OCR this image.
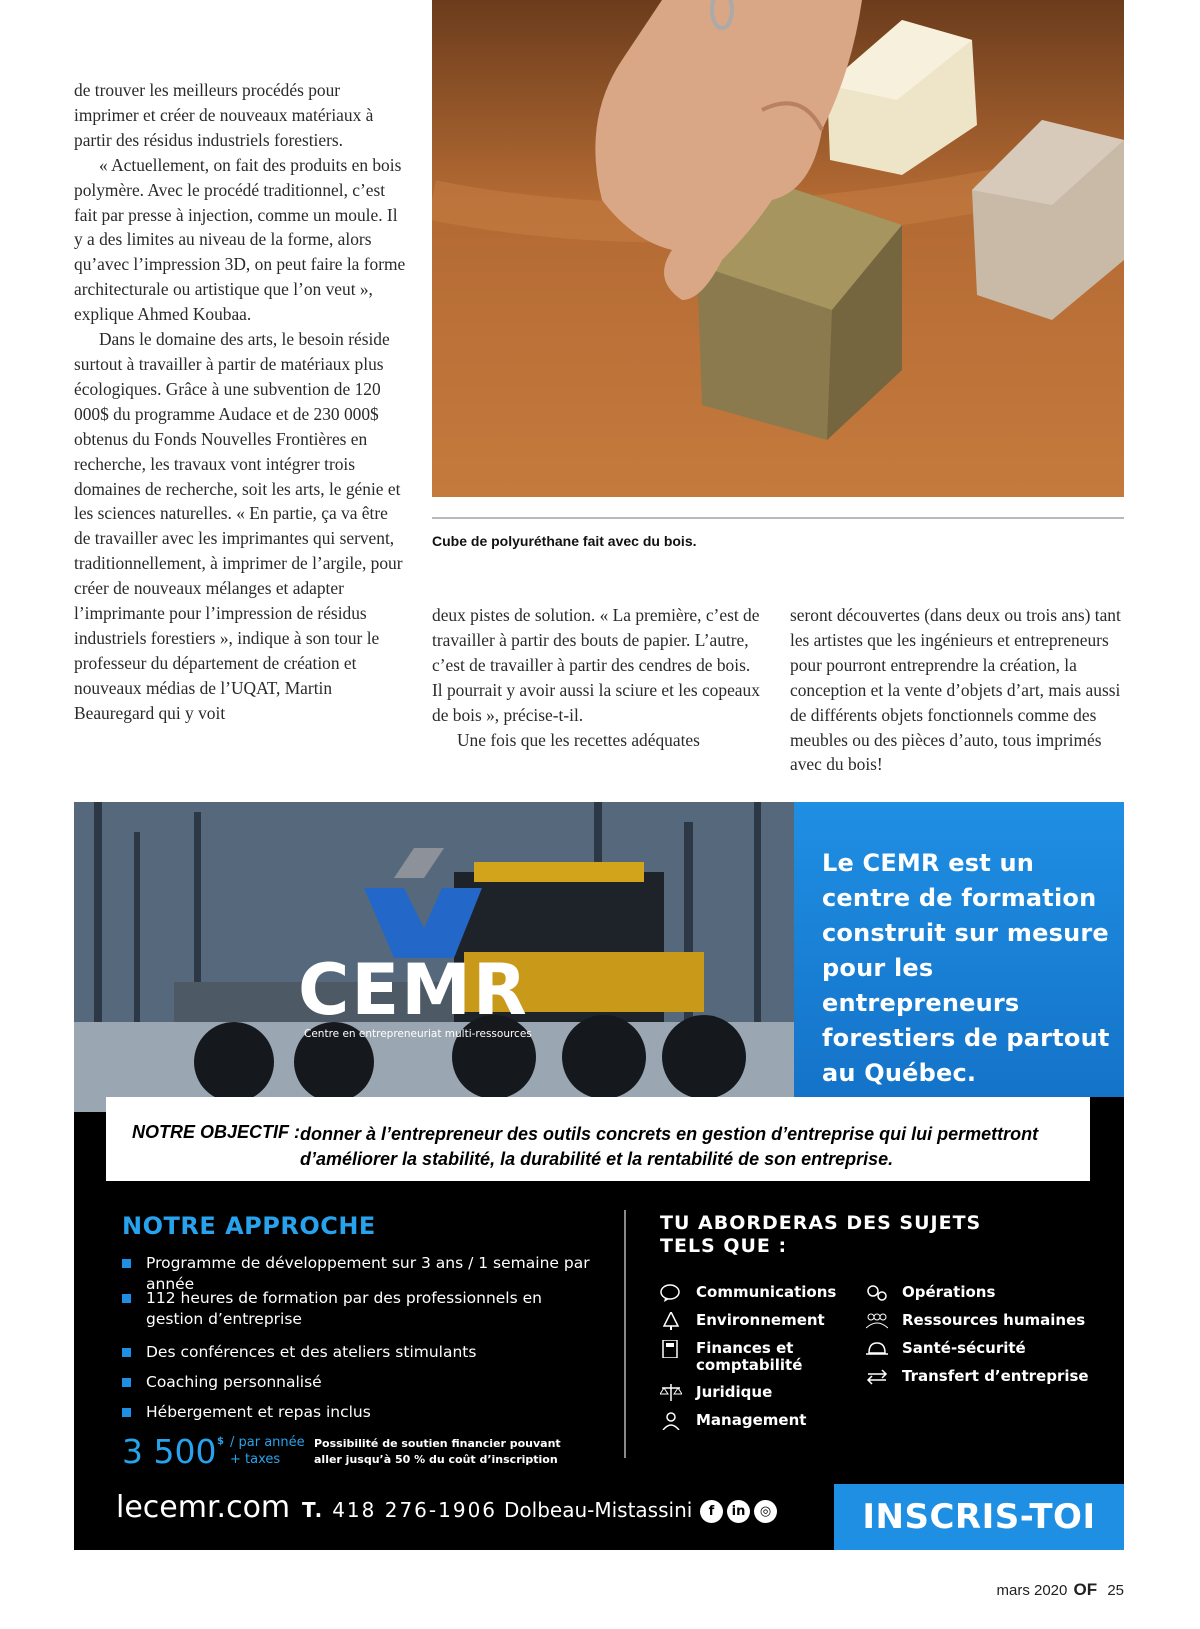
de trouver les meilleurs procédés pour imprimer et créer de nouveaux matériaux à partir des résidus industriels forestiers.

« Actuellement, on fait des produits en bois polymère. Avec le procédé traditionnel, c’est fait par presse à injection, comme un moule. Il y a des limites au niveau de la forme, alors qu’avec l’impression 3D, on peut faire la forme architecturale ou artistique que l’on veut », explique Ahmed Koubaa.

Dans le domaine des arts, le besoin réside surtout à travailler à partir de matériaux plus écologiques. Grâce à une subvention de 120 000$ du programme Audace et de 230 000$ obtenus du Fonds Nouvelles Frontières en recherche, les travaux vont intégrer trois domaines de recherche, soit les arts, le génie et les sciences naturelles. « En partie, ça va être de travailler avec les imprimantes qui servent, traditionnellement, à imprimer de l’argile, pour créer de nouveaux mélanges et adapter l’imprimante pour l’impression de résidus industriels forestiers », indique à son tour le professeur du département de création et nouveaux médias de l’UQAT, Martin Beauregard qui y voit

deux pistes de solution. « La première, c’est de travailler à partir des bouts de papier. L’autre, c’est de travailler à partir des cendres de bois. Il pourrait y avoir aussi la sciure et les copeaux de bois », précise-t-il.

Une fois que les recettes adéquates

seront découvertes (dans deux ou trois ans) tant les artistes que les ingénieurs et entrepreneurs pour pourront entreprendre la création, la conception et la vente d’objets d’art, mais aussi de différents objets fonctionnels comme des meubles ou des pièces d’auto, tous imprimés avec du bois!

Cube de polyuréthane fait avec du bois.
CEMR
Centre en entrepreneuriat multi-ressources
Le CEMR est un centre de formation construit sur mesure pour les entrepreneurs forestiers de partout au Québec.
NOTRE OBJECTIF : donner à l’entrepreneur des outils concrets en gestion d’entreprise qui lui permettront d’améliorer la stabilité, la durabilité et la rentabilité de son entreprise.
NOTRE APPROCHE
Programme de développement sur 3 ans / 1 semaine par année
112 heures de formation par des professionnels en gestion d’entreprise
Des conférences et des ateliers stimulants
Coaching personnalisé
Hébergement et repas inclus
3 500 $ / par année
+ taxes
Possibilité de soutien financier pouvant aller jusqu’à 50 % du coût d’inscription
TU ABORDERAS DES SUJETS TELS QUE :
Communications
Environnement
Finances et comptabilité
Juridique
Management
Opérations
Ressources humaines
Santé-sécurité
Transfert d’entreprise
lecemr.com T. 418 276-1906 Dolbeau-Mistassini	f	in	◎	INSCRIS-TOI
mars 2020 OF 25
